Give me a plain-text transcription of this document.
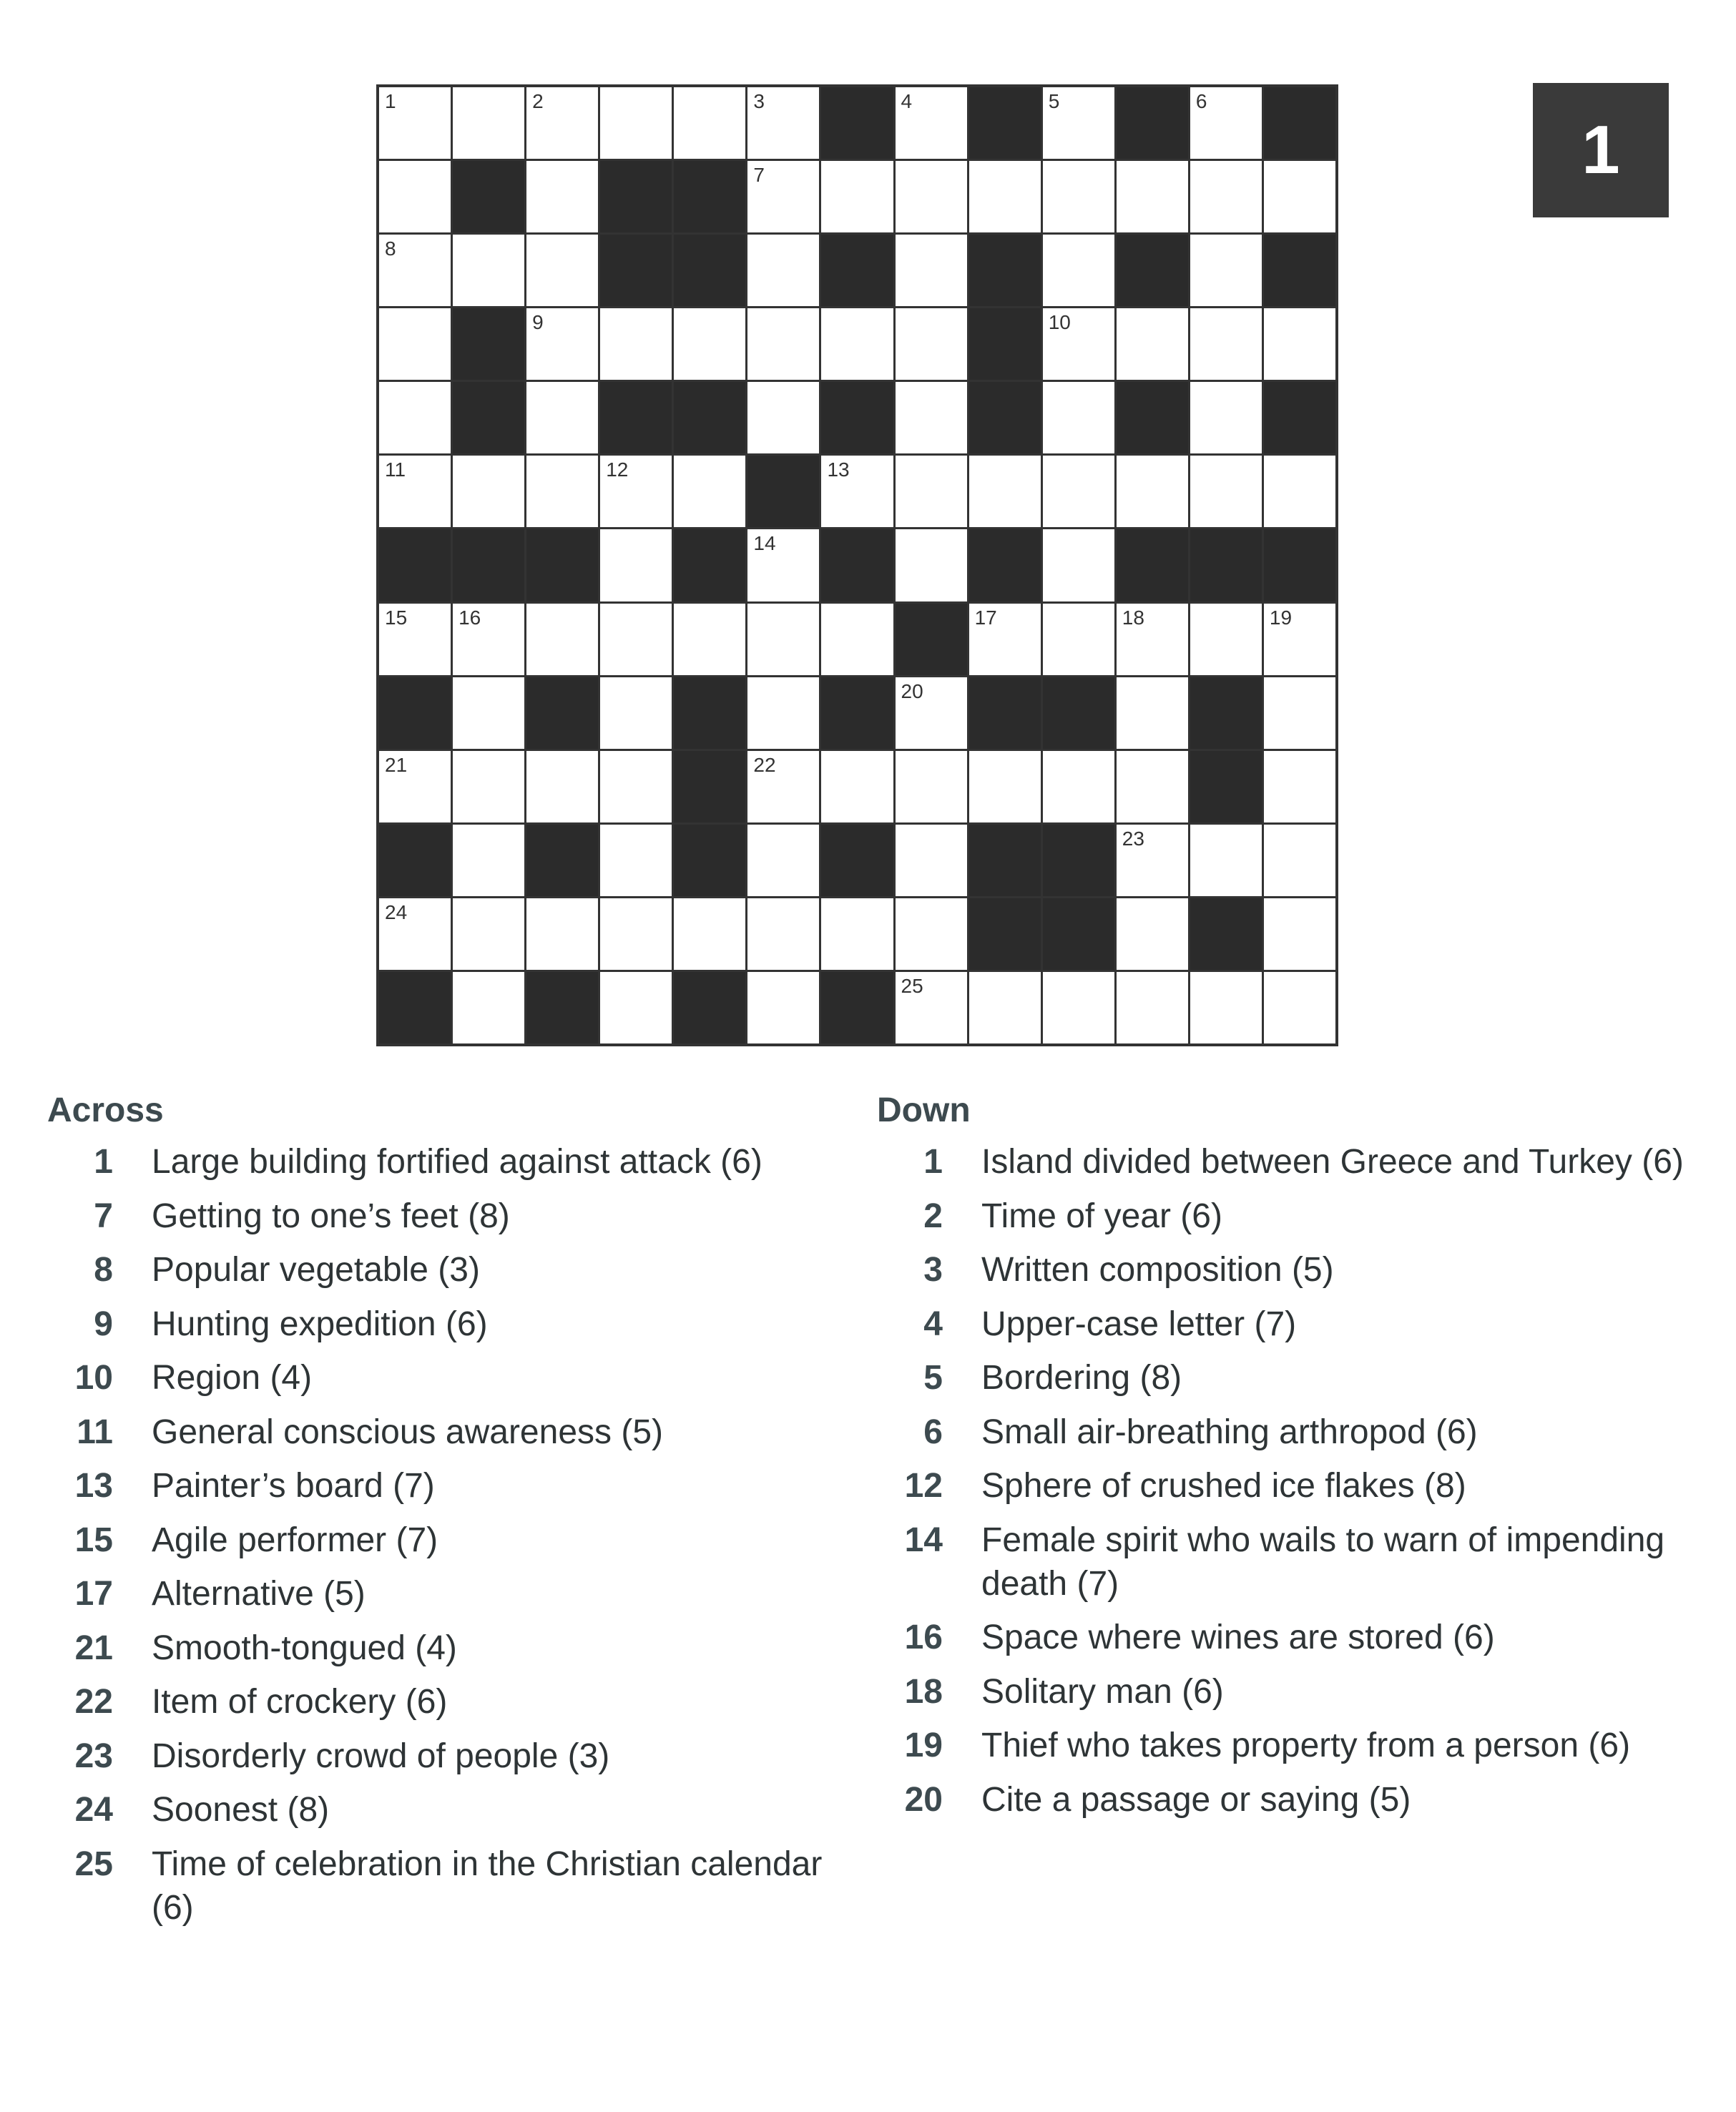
1	2	3	4	5	6
7
8
9	10
11	12	13
14
15	16	17	18	19
20
21	22
23
24
25
1
Across
1 Large building fortified against attack (6)
7 Getting to one’s feet (8)
8 Popular vegetable (3)
9 Hunting expedition (6)
10 Region (4)
11 General conscious awareness (5)
13 Painter’s board (7)
15 Agile performer (7)
17 Alternative (5)
21 Smooth-tongued (4)
22 Item of crockery (6)
23 Disorderly crowd of people (3)
24 Soonest (8)
25 Time of celebration in the Christian calendar (6)
Down
1 Island divided between Greece and Turkey (6)
2 Time of year (6)
3 Written composition (5)
4 Upper-case letter (7)
5 Bordering (8)
6 Small air-breathing arthropod (6)
12 Sphere of crushed ice flakes (8)
14 Female spirit who wails to warn of impending death (7)
16 Space where wines are stored (6)
18 Solitary man (6)
19 Thief who takes property from a person (6)
20 Cite a passage or saying (5)
